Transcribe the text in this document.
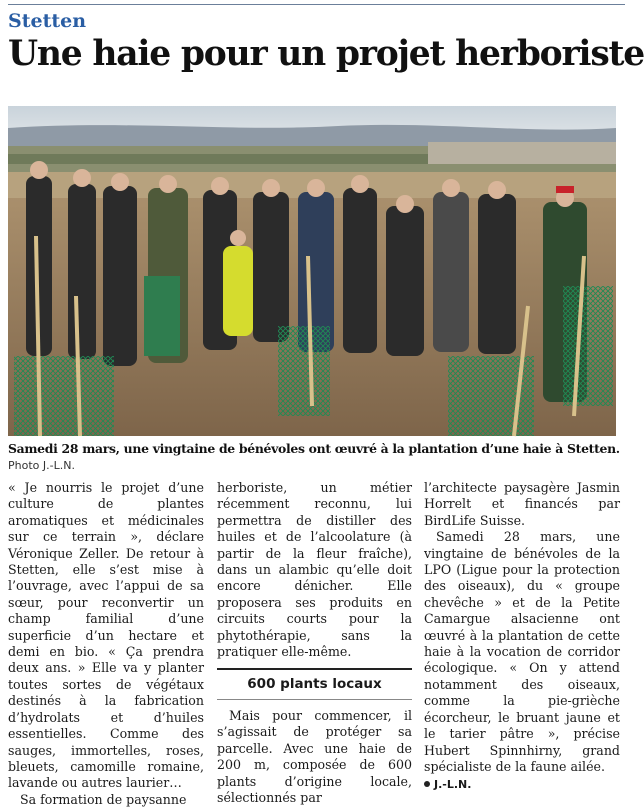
Stetten
Une haie pour un projet herboriste
Samedi 28 mars, une vingtaine de bénévoles ont œuvré à la plantation d’une haie à Stetten.
Photo J.-L.N.

« Je nourris le projet d’une culture de plantes aromatiques et médicinales sur ce terrain », déclare Véronique Zeller. De retour à Stetten, elle s’est mise à l’ouvrage, avec l’appui de sa sœur, pour reconvertir un champ familial d’une superficie d’un hectare et demi en bio. « Ça prendra deux ans. » Elle va y planter toutes sortes de végétaux destinés à la fabrication d’hydrolats et d’huiles essentielles. Comme des sauges, immortelles, roses, bleuets, camomille romaine, lavande ou autres laurier…

Sa formation de paysanne

herboriste, un métier récemment reconnu, lui permettra de distiller des huiles et de l’alcoolature (à partir de la fleur fraîche), dans un alambic qu’elle doit encore dénicher. Elle proposera ses produits en circuits courts pour la phytothérapie, sans la pratiquer elle-même.

600 plants locaux

Mais pour commencer, il s’agissait de protéger sa parcelle. Avec une haie de 200 m, composée de 600 plants d’origine locale, sélectionnés par

l’architecte paysagère Jasmin Horrelt et financés par BirdLife Suisse.

Samedi 28 mars, une vingtaine de bénévoles de la LPO (Ligue pour la protection des oiseaux), du « groupe chevêche » et de la Petite Camargue alsacienne ont œuvré à la plantation de cette haie à la vocation de corridor écologique. « On y attend notamment des oiseaux, comme la pie-grièche écorcheur, le bruant jaune et le tarier pâtre », précise Hubert Spinnhirny, grand spécialiste de la faune ailée.

J.-L.N.
